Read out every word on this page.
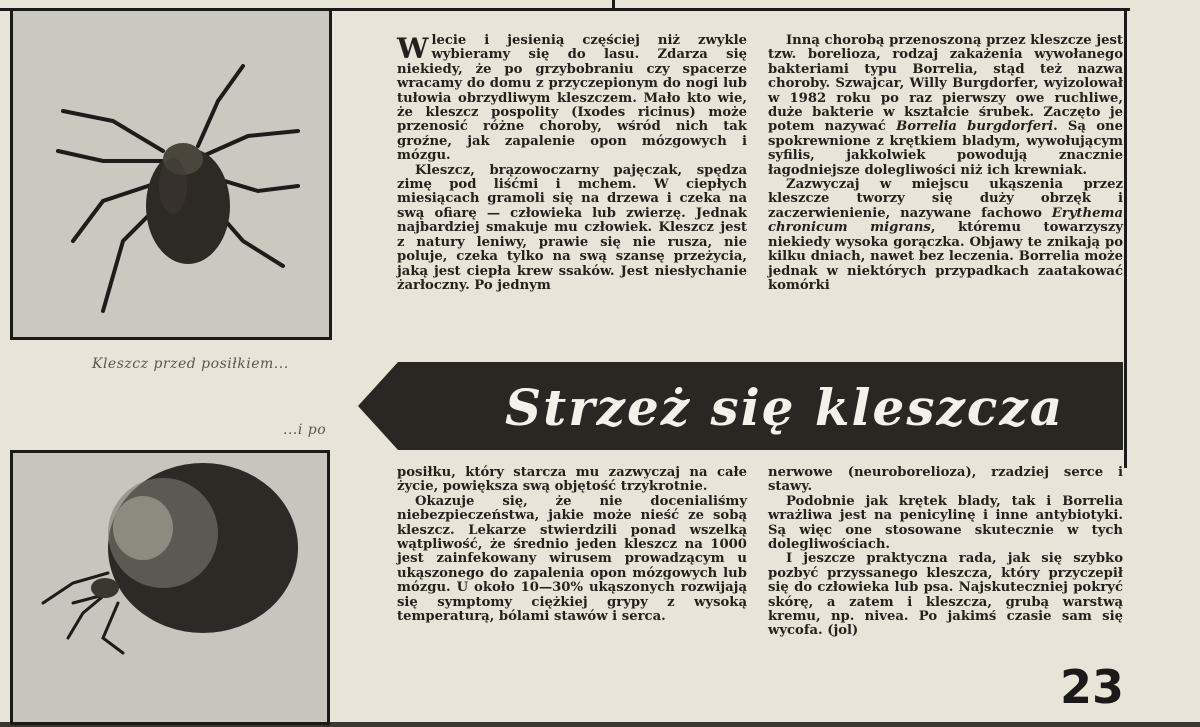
Kleszcz przed posiłkiem...
...i po

Wlecie i jesienią częściej niż zwykle wybieramy się do lasu. Zdarza się niekiedy, że po grzybobraniu czy spacerze wracamy do domu z przyczepionym do nogi lub tułowia obrzydliwym kleszczem. Mało kto wie, że kleszcz pospolity (Ixodes ricinus) może przenosić różne choroby, wśród nich tak groźne, jak zapalenie opon mózgowych i mózgu.

Kleszcz, brązowoczarny pajęczak, spędza zimę pod liśćmi i mchem. W ciepłych miesiącach gramoli się na drzewa i czeka na swą ofiarę — człowieka lub zwierzę. Jednak najbardziej smakuje mu człowiek. Kleszcz jest z natury leniwy, prawie się nie rusza, nie poluje, czeka tylko na swą szansę przeżycia, jaką jest ciepła krew ssaków. Jest niesłychanie żarłoczny. Po jednym

Inną chorobą przenoszoną przez kleszcze jest tzw. borelioza, rodzaj zakażenia wywołanego bakteriami typu Borrelia, stąd też nazwa choroby. Szwajcar, Willy Burgdorfer, wyizolował w 1982 roku po raz pierwszy owe ruchliwe, duże bakterie w kształcie śrubek. Zaczęto je potem nazywać Borrelia burgdorferi. Są one spokrewnione z krętkiem bladym, wywołującym syfilis, jakkolwiek powodują znacznie łagodniejsze dolegliwości niż ich krewniak.

Zazwyczaj w miejscu ukąszenia przez kleszcze tworzy się duży obrzęk i zaczerwienienie, nazywane fachowo Erythema chronicum migrans, któremu towarzyszy niekiedy wysoka gorączka. Objawy te znikają po kilku dniach, nawet bez leczenia. Borrelia może jednak w niektórych przypadkach zaatakować komórki

Strzeż się kleszcza

posiłku, który starcza mu zazwyczaj na całe życie, powiększa swą objętość trzykrotnie.

Okazuje się, że nie docenialiśmy niebezpieczeństwa, jakie może nieść ze sobą kleszcz. Lekarze stwierdzili ponad wszelką wątpliwość, że średnio jeden kleszcz na 1000 jest zainfekowany wirusem prowadzącym u ukąszonego do zapalenia opon mózgowych lub mózgu. U około 10—30% ukąszonych rozwijają się symptomy ciężkiej grypy z wysoką temperaturą, bólami stawów i serca.

nerwowe (neuroborelioza), rzadziej serce i stawy.

Podobnie jak krętek blady, tak i Borrelia wrażliwa jest na penicylinę i inne antybiotyki. Są więc one stosowane skutecznie w tych dolegliwościach.

I jeszcze praktyczna rada, jak się szybko pozbyć przyssanego kleszcza, który przyczepił się do człowieka lub psa. Najskuteczniej pokryć skórę, a zatem i kleszcza, grubą warstwą kremu, np. nivea. Po jakimś czasie sam się wycofa. (jol)

23
